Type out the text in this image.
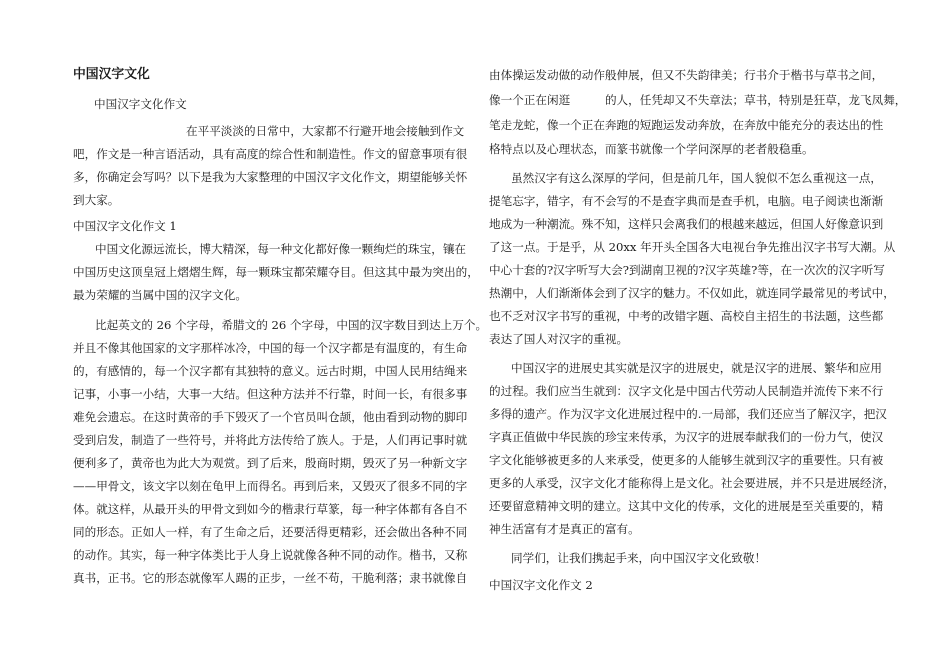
中国汉字文化
中国汉字文化作文
在平平淡淡的日常中，大家都不行避开地会接触到作文
吧，作文是一种言语活动，具有高度的综合性和制造性。作文的留意事项有很
多，你确定会写吗？以下是我为大家整理的中国汉字文化作文，期望能够关怀
到大家。
中国汉字文化作文 1
中国文化源远流长，博大精深，每一种文化都好像一颗绚烂的珠宝，镶在
中国历史这顶皇冠上熠熠生辉，每一颗珠宝都荣耀夺目。但这其中最为突出的，
最为荣耀的当属中国的汉字文化。
比起英文的 26 个字母，希腊文的 26 个字母，中国的汉字数目到达上万个。
并且不像其他国家的文字那样冰冷，中国的每一个汉字都是有温度的，有生命
的，有感情的，每一个汉字都有其独特的意义。远古时期，中国人民用结绳来
记事，小事一小结，大事一大结。但这种方法并不行靠，时间一长，有很多事
难免会遗忘。在这时黄帝的手下毁灭了一个官员叫仓颉，他由看到动物的脚印
受到启发，制造了一些符号，并将此方法传给了族人。于是，人们再记事时就
便利多了，黄帝也为此大为观赏。到了后来，殷商时期，毁灭了另一种新文字
——甲骨文，该文字以刻在龟甲上而得名。再到后来，又毁灭了很多不同的字
体。就这样，从最开头的甲骨文到如今的楷隶行草篆，每一种字体都有各自不
同的形态。正如人一样，有了生命之后，还要活得更精彩，还会做出各种不同
的动作。其实，每一种字体类比于人身上说就像各种不同的动作。楷书，又称
真书，正书。它的形态就像军人踢的正步，一丝不苟，干脆利落；隶书就像自
由体操运发动做的动作般伸展，但又不失韵律美；行书介于楷书与草书之间，
像一个正在闲逛　　　的人，任凭却又不失章法；草书，特别是狂草，龙飞凤舞，
笔走龙蛇，像一个正在奔跑的短跑运发动奔放，在奔放中能充分的表达出的性
格特点以及心理状态，而篆书就像一个学问深厚的老者般稳重。
虽然汉字有这么深厚的学问，但是前几年，国人貌似不怎么重视这一点，
提笔忘字，错字，有不会写的不是查字典而是查手机，电脑。电子阅读也渐渐
地成为一种潮流。殊不知，这样只会离我们的根越来越远，但国人好像意识到
了这一点。于是乎，从 20xx 年开头全国各大电视台争先推出汉字书写大潮。从
中心十套的?汉字听写大会?到湖南卫视的?汉字英雄?等，在一次次的汉字听写
热潮中，人们渐渐体会到了汉字的魅力。不仅如此，就连同学最常见的考试中，
也不乏对汉字书写的重视，中考的改错字题、高校自主招生的书法题，这些都
表达了国人对汉字的重视。
中国汉字的进展史其实就是汉字的进展史，就是汉字的进展、繁华和应用
的过程。我们应当生就到：汉字文化是中国古代劳动人民制造并流传下来不行
多得的遗产。作为汉字文化进展过程中的.一局部，我们还应当了解汉字，把汉
字真正值做中华民族的珍宝来传承，为汉字的进展奉献我们的一份力气，使汉
字文化能够被更多的人来承受，使更多的人能够生就到汉字的重要性。只有被
更多的人承受，汉字文化才能称得上是文化。社会要进展，并不只是进展经济，
还要留意精神文明的建立。这其中文化的传承，文化的进展是至关重要的，精
神生活富有才是真正的富有。
同学们，让我们携起手来，向中国汉字文化致敬！
中国汉字文化作文 2
